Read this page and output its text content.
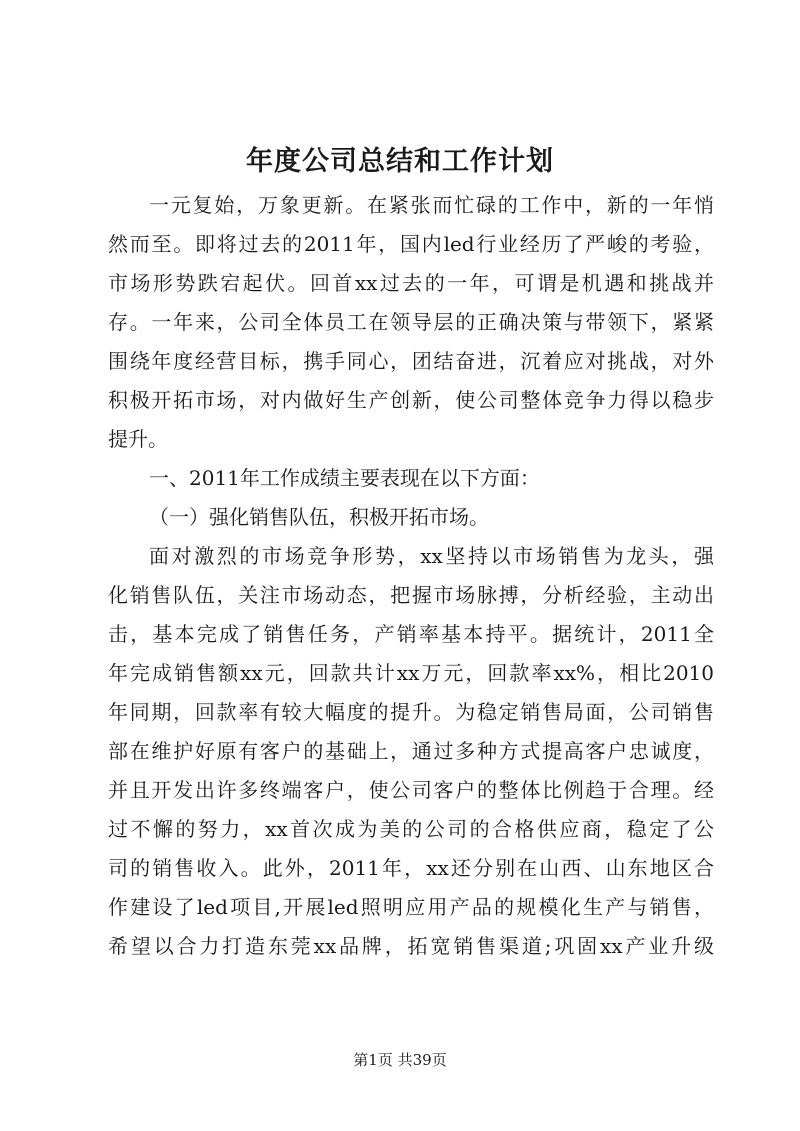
年度公司总结和工作计划
一元复始，万象更新。在紧张而忙碌的工作中，新的一年悄
然而至。即将过去的2011年，国内led行业经历了严峻的考验，
市场形势跌宕起伏。回首xx过去的一年，可谓是机遇和挑战并
存。一年来，公司全体员工在领导层的正确决策与带领下，紧紧
围绕年度经营目标，携手同心，团结奋进，沉着应对挑战，对外
积极开拓市场，对内做好生产创新，使公司整体竞争力得以稳步
提升。
一、2011年工作成绩主要表现在以下方面：
（一）强化销售队伍，积极开拓市场。
面对激烈的市场竞争形势，xx坚持以市场销售为龙头，强
化销售队伍，关注市场动态，把握市场脉搏，分析经验，主动出
击，基本完成了销售任务，产销率基本持平。据统计，2011全
年完成销售额xx元，回款共计xx万元，回款率xx%，相比2010
年同期，回款率有较大幅度的提升。为稳定销售局面，公司销售
部在维护好原有客户的基础上，通过多种方式提高客户忠诚度，
并且开发出许多终端客户，使公司客户的整体比例趋于合理。经
过不懈的努力，xx首次成为美的公司的合格供应商，稳定了公
司的销售收入。此外，2011年，xx还分别在山西、山东地区合
作建设了led项目,开展led照明应用产品的规模化生产与销售，
希望以合力打造东莞xx品牌，拓宽销售渠道;巩固xx产业升级
第1页 共39页
